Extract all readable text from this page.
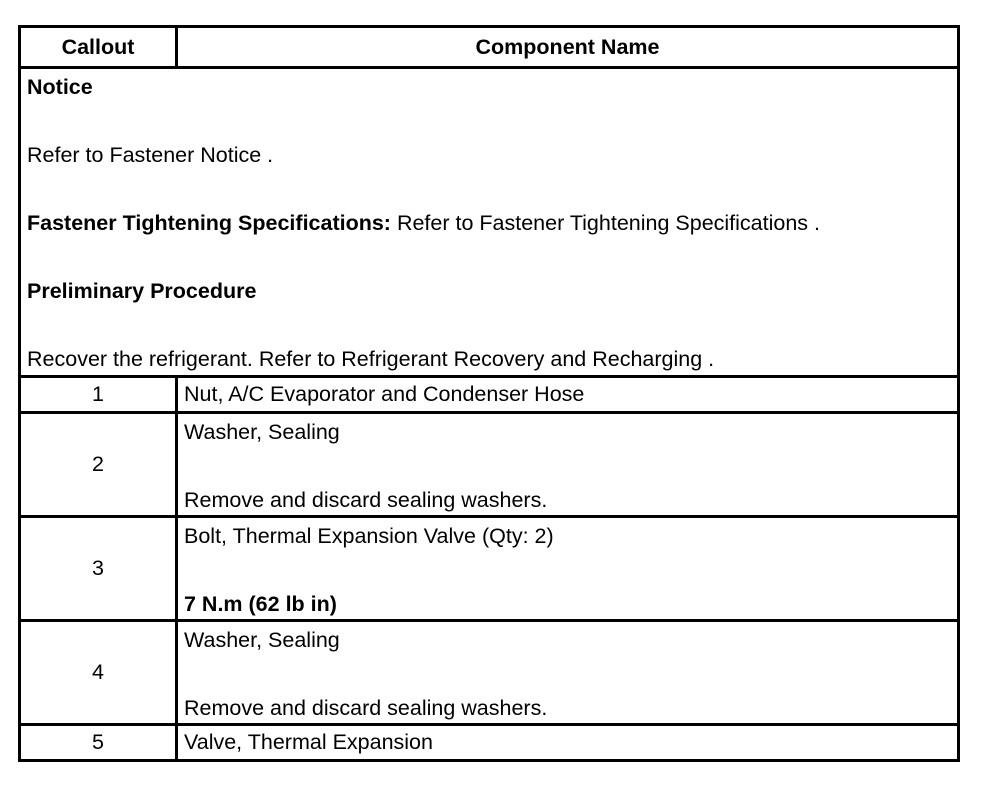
Callout	Component Name

Notice

Refer to Fastener Notice .

Fastener Tightening Specifications: Refer to Fastener Tightening Specifications .

Preliminary Procedure

Recover the refrigerant. Refer to Refrigerant Recovery and Recharging .	

1	Nut, A/C Evaporator and Condenser Hose
2	Washer, Sealing

Remove and discard sealing washers.

3	Bolt, Thermal Expansion Valve (Qty: 2)

7 N.m (62 lb in)

4	Washer, Sealing

Remove and discard sealing washers.

5	Valve, Thermal Expansion
